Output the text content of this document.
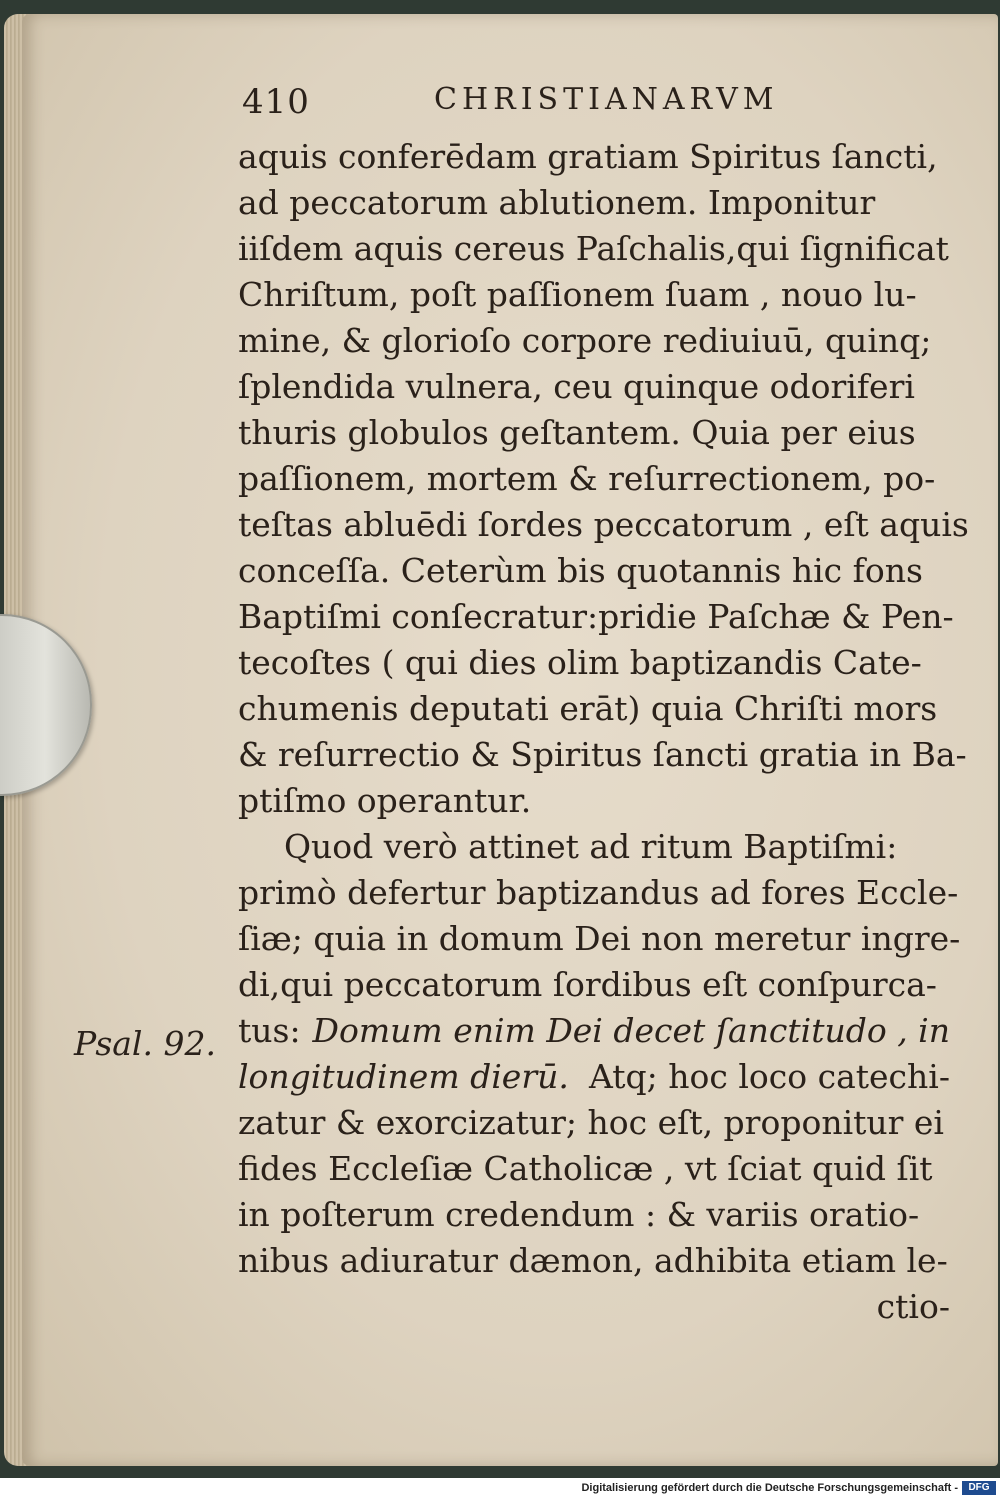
410	CHRISTIANARVM
aquis conferēdam gratiam Spiritus ſancti,
ad peccatorum ablutionem. Imponitur
iiſdem aquis cereus Paſchalis,qui ſignificat
Chriſtum, poſt paſſionem ſuam , nouo lu-
mine, & glorioſo corpore rediuiuū, quinq;
ſplendida vulnera, ceu quinque odoriferi
thuris globulos geſtantem. Quia per eius
paſſionem, mortem & reſurrectionem, po-
teſtas abluēdi ſordes peccatorum , eſt aquis
conceſſa. Ceterùm bis quotannis hic fons
Baptiſmi conſecratur:pridie Paſchæ & Pen-
tecoſtes ( qui dies olim baptizandis Cate-
chumenis deputati erāt) quia Chriſti mors
& reſurrectio & Spiritus ſancti gratia in Ba-
ptiſmo operantur.
Quod verò attinet ad ritum Baptiſmi:
primò defertur baptizandus ad fores Eccle-
ſiæ; quia in domum Dei non meretur ingre-
di,qui peccatorum ſordibus eſt conſpurca-
tus: Domum enim Dei decet ſanctitudo , in
longitudinem dierū. Atq; hoc loco catechi-
zatur & exorcizatur; hoc eſt, proponitur ei
fides Eccleſiæ Catholicæ , vt ſciat quid ſit
in poſterum credendum : & variis oratio-
nibus adiuratur dæmon, adhibita etiam le-
ctio-
Psal. 92.
Digitalisierung gefördert durch die Deutsche Forschungsgemeinschaft -	DFG
